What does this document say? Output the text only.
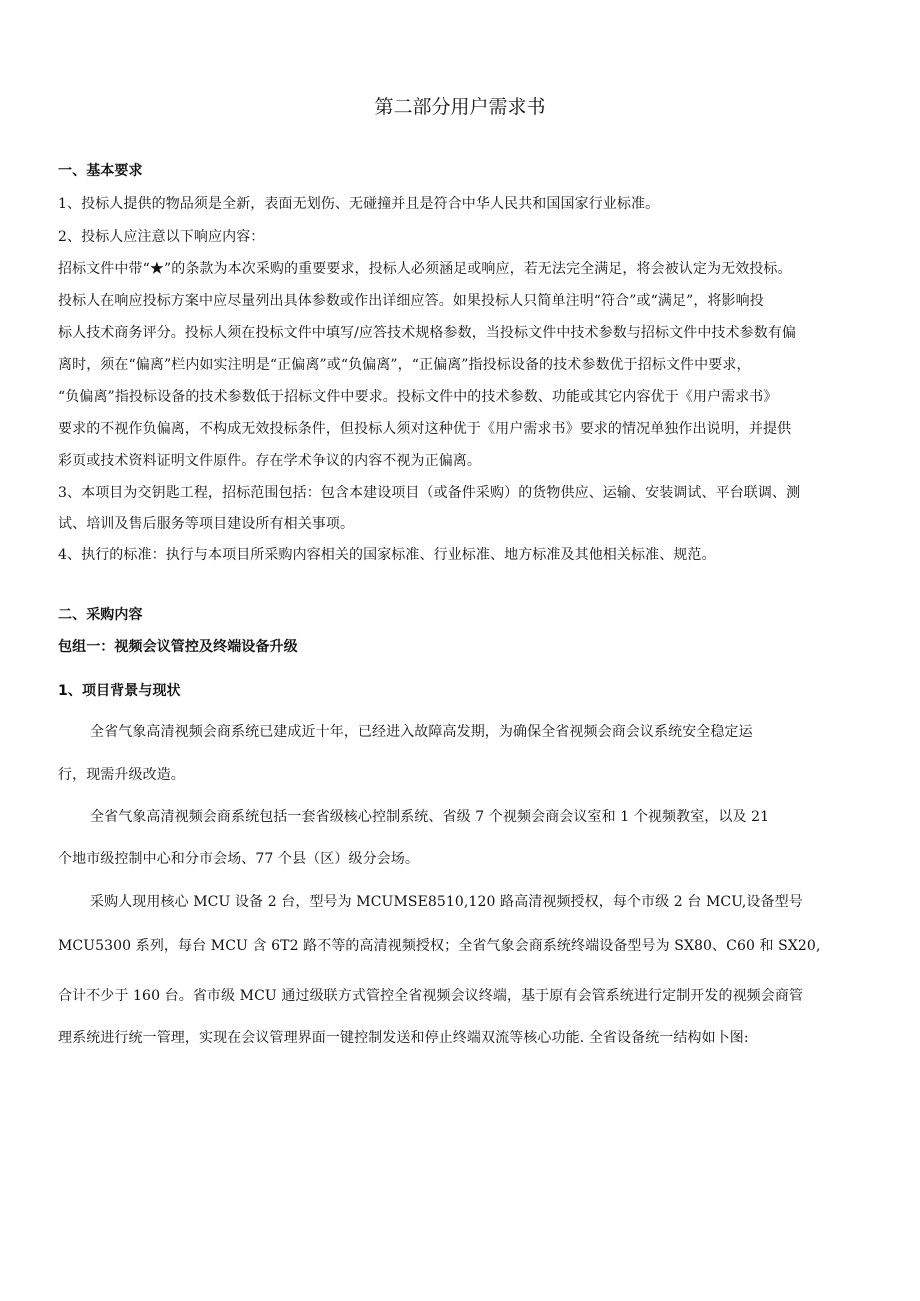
第二部分用户需求书
一、基本要求
1、投标人提供的物品须是全新，表面无划伤、无碰撞并且是符合中华人民共和国国家行业标准。
2、投标人应注意以下响应内容：
招标文件中带“★”的条款为本次采购的重要要求，投标人必须涵足或响应，若无法完全满足，将会被认定为无效投标。
投标人在响应投标方案中应尽量列出具体参数或作出详细应答。如果投标人只简单注明“符合”或“满足”，将影响投
标人技术商务评分。投标人须在投标文件中填写/应答技术规格参数，当投标文件中技术参数与招标文件中技术参数有偏
离时，须在“偏离”栏内如实注明是“正偏离”或“负偏离”，“正偏离”指投标设备的技术参数优于招标文件中要求，
“负偏离”指投标设备的技术参数低于招标文件中要求。投标文件中的技术参数、功能或其它内容优于《用户需求书》
要求的不视作负偏离，不构成无效投标条件，但投标人须对这种优于《用户需求书》要求的情况单独作出说明，并提供
彩页或技术资料证明文件原件。存在学术争议的内容不视为正偏离。
3、本项目为交钥匙工程，招标范围包括：包含本建设项目（或备件采购）的货物供应、运输、安装调试、平台联调、测
试、培训及售后服务等项目建设所有相关事项。
4、执行的标准：执行与本项目所采购内容相关的国家标准、行业标准、地方标准及其他相关标准、规范。
二、采购内容
包组一：视频会议管控及终端设备升级
1、项目背景与现状
全省气象高清视频会商系统已建成近十年，已经进入故障高发期，为确保全省视频会商会议系统安全稳定运
行，现需升级改造。
全省气象高清视频会商系统包括一套省级核心控制系统、省级 7 个视频会商会议室和 1 个视频教室，以及 21
个地市级控制中心和分市会场、77 个县（区）级分会场。
采购人现用核心 MCU 设备 2 台，型号为 MCUMSE8510,120 路高清视频授权，每个市级 2 台 MCU,设备型号
MCU5300 系列，每台 MCU 含 6T2 路不等的高清视频授权；全省气象会商系统终端设备型号为 SX80、C60 和 SX20,
合计不少于 160 台。省市级 MCU 通过级联方式管控全省视频会议终端，基于原有会管系统进行定制开发的视频会商管
理系统进行统一管理，实现在会议管理界面一键控制发送和停止终端双流等核心功能. 全省设备统一结构如卜图:
